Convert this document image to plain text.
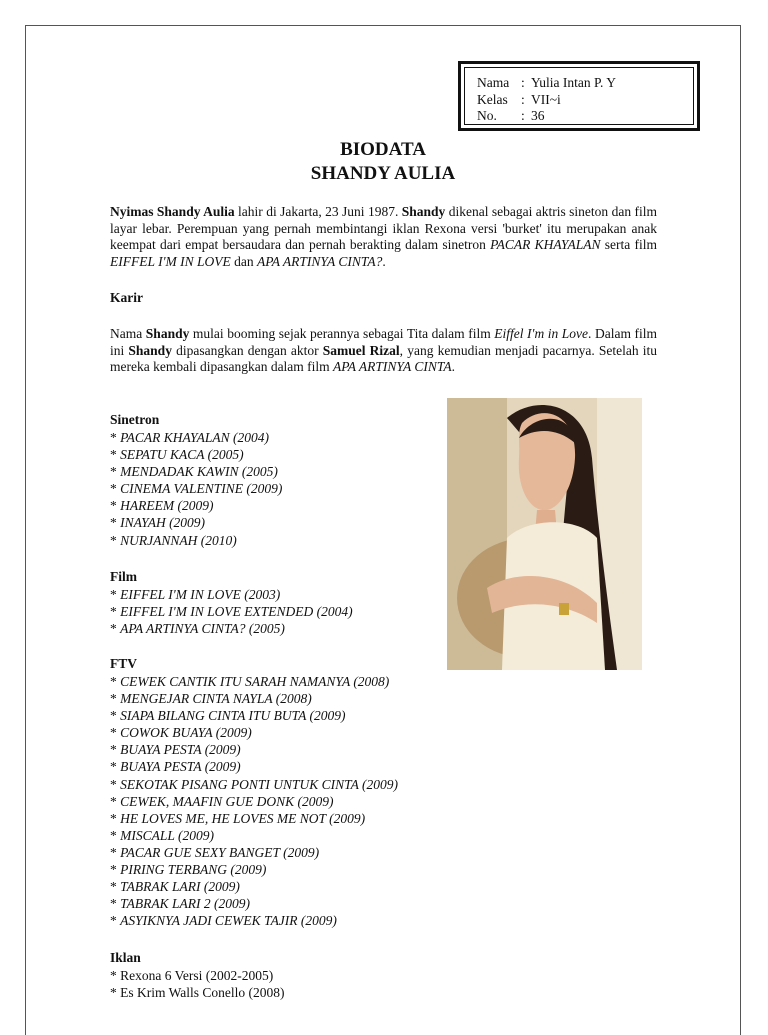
Nama : Yulia Intan P. Y
Kelas : VII~i
No.	: 36
BIODATA
SHANDY AULIA
Nyimas Shandy Aulia lahir di Jakarta, 23 Juni 1987. Shandy dikenal sebagai aktris sineton dan film layar lebar. Perempuan yang pernah membintangi iklan Rexona versi 'burket' itu merupakan anak keempat dari empat bersaudara dan pernah berakting dalam sinetron PACAR KHAYALAN serta film EIFFEL I'M IN LOVE dan APA ARTINYA CINTA?.
Karir
Nama Shandy mulai booming sejak perannya sebagai Tita dalam film Eiffel I'm in Love. Dalam film ini Shandy dipasangkan dengan aktor Samuel Rizal, yang kemudian menjadi pacarnya. Setelah itu mereka kembali dipasangkan dalam film APA ARTINYA CINTA.
Sinetron
* PACAR KHAYALAN (2004)
* SEPATU KACA (2005)
* MENDADAK KAWIN (2005)
* CINEMA VALENTINE (2009)
* HAREEM (2009)
* INAYAH (2009)
* NURJANNAH (2010)
Film
* EIFFEL I'M IN LOVE (2003)
* EIFFEL I'M IN LOVE EXTENDED (2004)
* APA ARTINYA CINTA? (2005)
FTV
* CEWEK CANTIK ITU SARAH NAMANYA (2008)
* MENGEJAR CINTA NAYLA (2008)
* SIAPA BILANG CINTA ITU BUTA (2009)
* COWOK BUAYA (2009)
* BUAYA PESTA (2009)
* BUAYA PESTA (2009)
* SEKOTAK PISANG PONTI UNTUK CINTA (2009)
* CEWEK, MAAFIN GUE DONK (2009)
* HE LOVES ME, HE LOVES ME NOT (2009)
* MISCALL (2009)
* PACAR GUE SEXY BANGET (2009)
* PIRING TERBANG (2009)
* TABRAK LARI (2009)
* TABRAK LARI 2 (2009)
* ASYIKNYA JADI CEWEK TAJIR (2009)
Iklan
* Rexona 6 Versi (2002-2005)
* Es Krim Walls Conello (2008)
